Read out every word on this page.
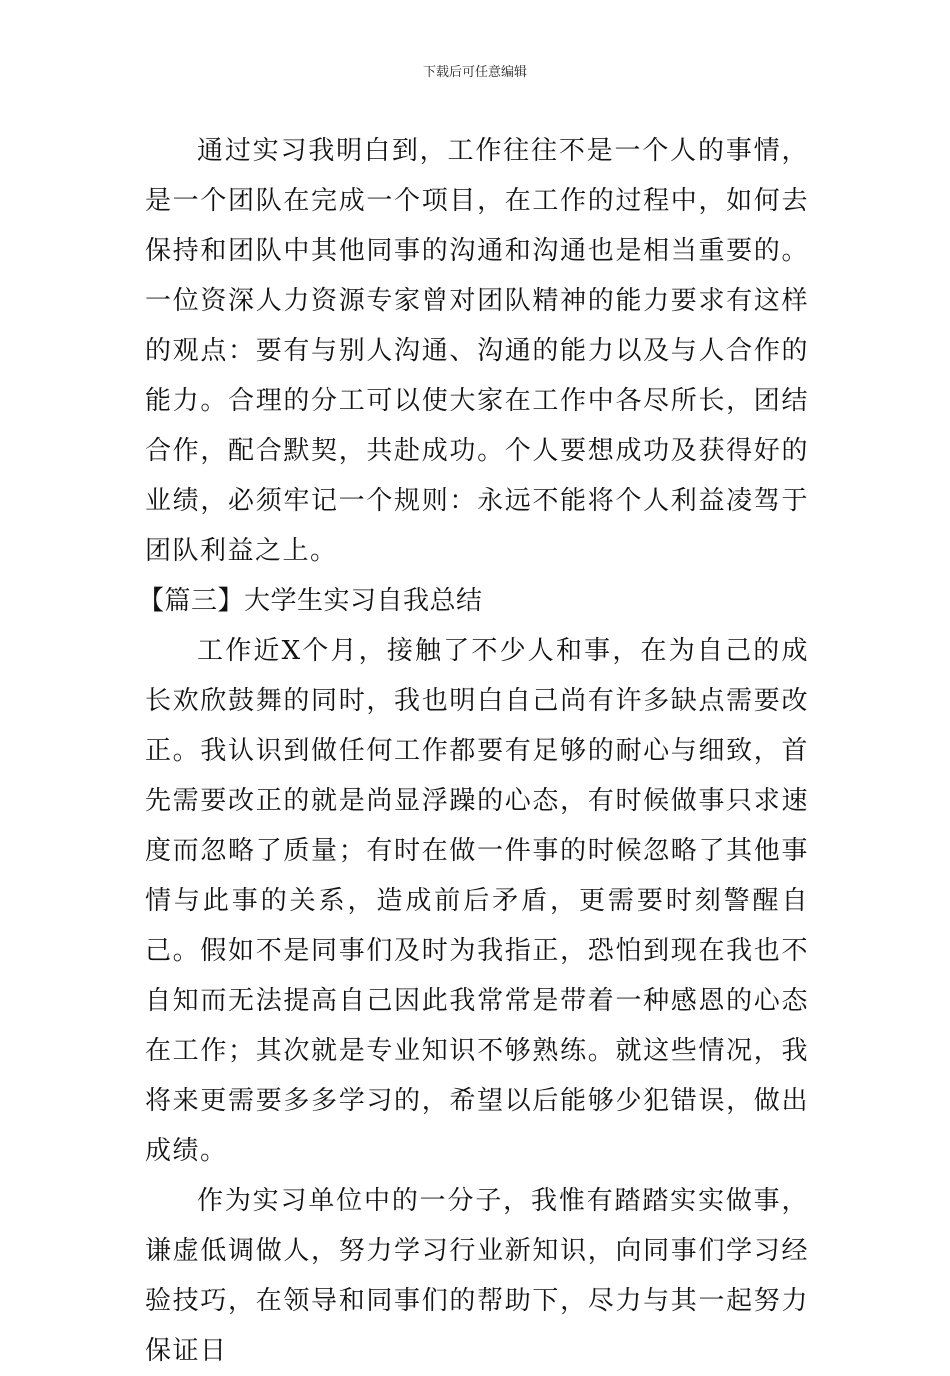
下载后可任意编辑

通过实习我明白到，工作往往不是一个人的事情，是一个团队在完成一个项目，在工作的过程中，如何去保持和团队中其他同事的沟通和沟通也是相当重要的。一位资深人力资源专家曾对团队精神的能力要求有这样的观点：要有与别人沟通、沟通的能力以及与人合作的能力。合理的分工可以使大家在工作中各尽所长，团结合作，配合默契，共赴成功。个人要想成功及获得好的业绩，必须牢记一个规则：永远不能将个人利益凌驾于团队利益之上。

【篇三】大学生实习自我总结

工作近X个月，接触了不少人和事，在为自己的成长欢欣鼓舞的同时，我也明白自己尚有许多缺点需要改正。我认识到做任何工作都要有足够的耐心与细致，首先需要改正的就是尚显浮躁的心态，有时候做事只求速度而忽略了质量；有时在做一件事的时候忽略了其他事情与此事的关系，造成前后矛盾，更需要时刻警醒自己。假如不是同事们及时为我指正，恐怕到现在我也不自知而无法提高自己因此我常常是带着一种感恩的心态在工作；其次就是专业知识不够熟练。就这些情况，我将来更需要多多学习的，希望以后能够少犯错误，做出成绩。

作为实习单位中的一分子，我惟有踏踏实实做事，谦虚低调做人，努力学习行业新知识，向同事们学习经验技巧，在领导和同事们的帮助下，尽力与其一起努力保证日
